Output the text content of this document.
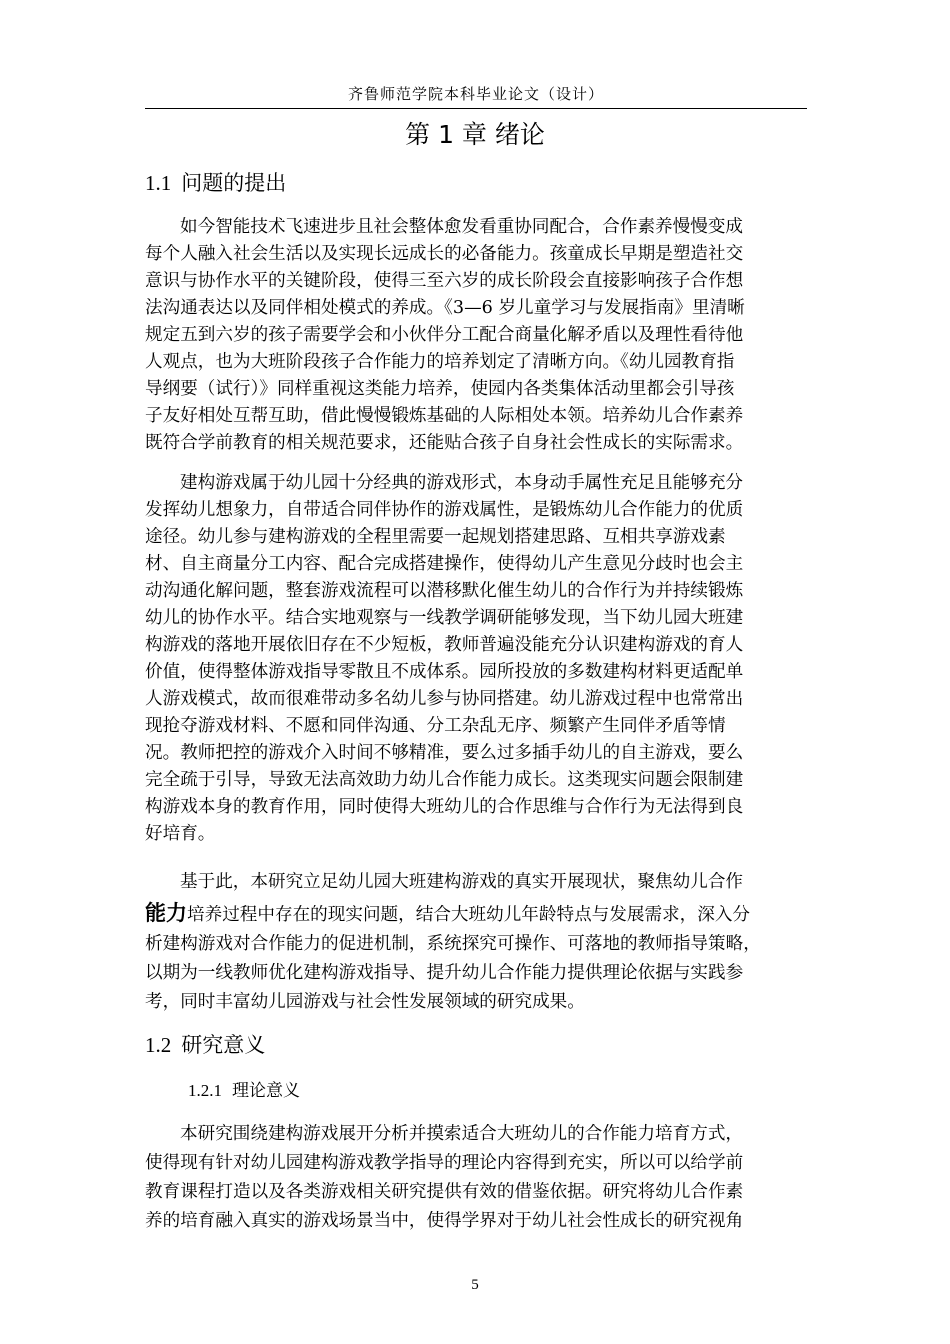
齐鲁师范学院本科毕业论文（设计）
第 1 章 绪论
1.1 问题的提出
如今智能技术飞速进步且社会整体愈发看重协同配合，合作素养慢慢变成
每个人融入社会生活以及实现长远成长的必备能力。孩童成长早期是塑造社交
意识与协作水平的关键阶段，使得三至六岁的成长阶段会直接影响孩子合作想
法沟通表达以及同伴相处模式的养成。《3—6 岁儿童学习与发展指南》里清晰
规定五到六岁的孩子需要学会和小伙伴分工配合商量化解矛盾以及理性看待他
人观点，也为大班阶段孩子合作能力的培养划定了清晰方向。《幼儿园教育指
导纲要（试行）》同样重视这类能力培养，使园内各类集体活动里都会引导孩
子友好相处互帮互助，借此慢慢锻炼基础的人际相处本领。培养幼儿合作素养
既符合学前教育的相关规范要求，还能贴合孩子自身社会性成长的实际需求。
建构游戏属于幼儿园十分经典的游戏形式，本身动手属性充足且能够充分
发挥幼儿想象力，自带适合同伴协作的游戏属性，是锻炼幼儿合作能力的优质
途径。幼儿参与建构游戏的全程里需要一起规划搭建思路、互相共享游戏素
材、自主商量分工内容、配合完成搭建操作，使得幼儿产生意见分歧时也会主
动沟通化解问题，整套游戏流程可以潜移默化催生幼儿的合作行为并持续锻炼
幼儿的协作水平。结合实地观察与一线教学调研能够发现，当下幼儿园大班建
构游戏的落地开展依旧存在不少短板，教师普遍没能充分认识建构游戏的育人
价值，使得整体游戏指导零散且不成体系。园所投放的多数建构材料更适配单
人游戏模式，故而很难带动多名幼儿参与协同搭建。幼儿游戏过程中也常常出
现抢夺游戏材料、不愿和同伴沟通、分工杂乱无序、频繁产生同伴矛盾等情
况。教师把控的游戏介入时间不够精准，要么过多插手幼儿的自主游戏，要么
完全疏于引导，导致无法高效助力幼儿合作能力成长。这类现实问题会限制建
构游戏本身的教育作用，同时使得大班幼儿的合作思维与合作行为无法得到良
好培育。
基于此，本研究立足幼儿园大班建构游戏的真实开展现状，聚焦幼儿合作
能力培养过程中存在的现实问题，结合大班幼儿年龄特点与发展需求，深入分
析建构游戏对合作能力的促进机制，系统探究可操作、可落地的教师指导策略，
以期为一线教师优化建构游戏指导、提升幼儿合作能力提供理论依据与实践参
考，同时丰富幼儿园游戏与社会性发展领域的研究成果。
1.2 研究意义
1.2.1 理论意义
本研究围绕建构游戏展开分析并摸索适合大班幼儿的合作能力培育方式，
使得现有针对幼儿园建构游戏教学指导的理论内容得到充实，所以可以给学前
教育课程打造以及各类游戏相关研究提供有效的借鉴依据。研究将幼儿合作素
养的培育融入真实的游戏场景当中，使得学界对于幼儿社会性成长的研究视角
5
